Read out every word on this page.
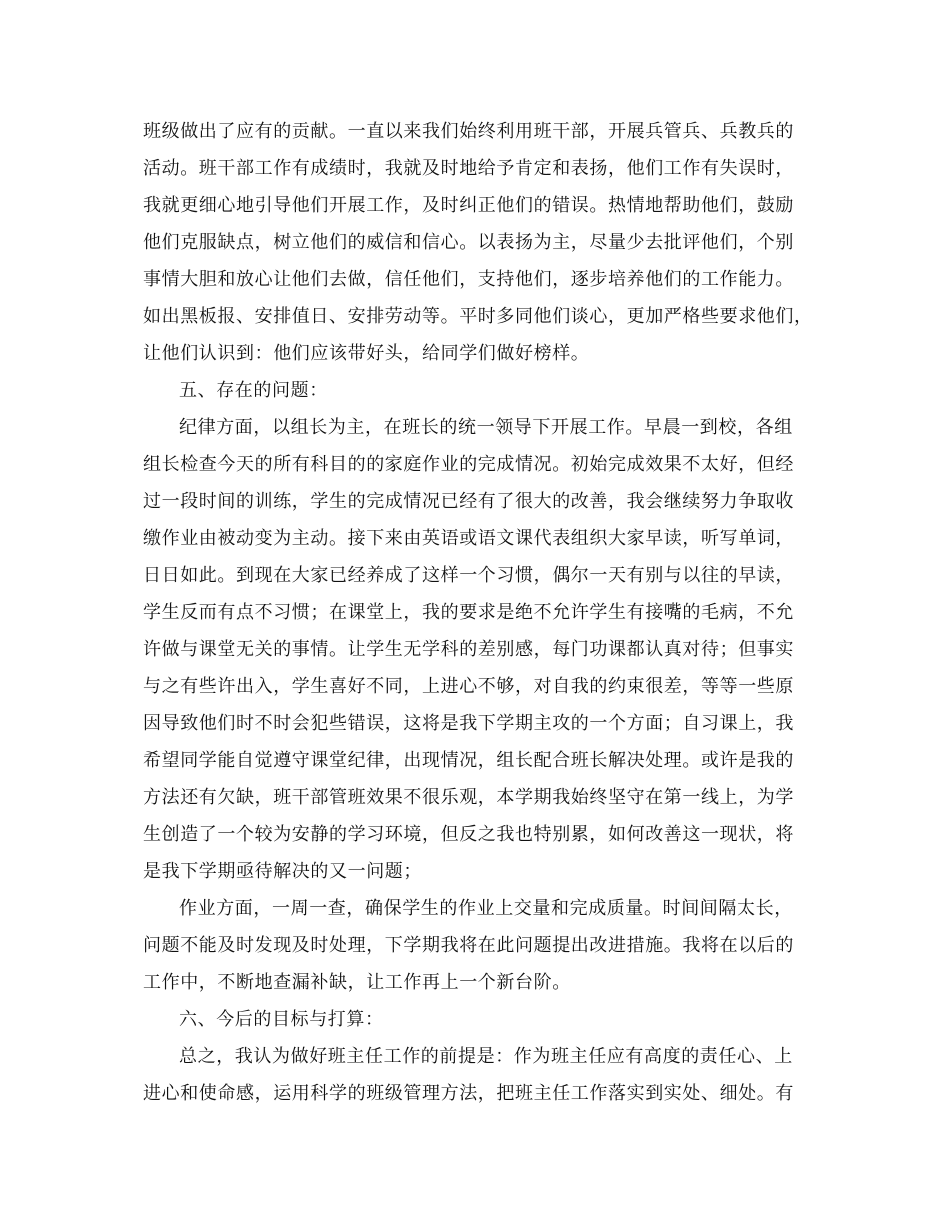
班级做出了应有的贡献。一直以来我们始终利用班干部，开展兵管兵、兵教兵的

活动。班干部工作有成绩时，我就及时地给予肯定和表扬，他们工作有失误时，

我就更细心地引导他们开展工作，及时纠正他们的错误。热情地帮助他们，鼓励

他们克服缺点，树立他们的威信和信心。以表扬为主，尽量少去批评他们，个别

事情大胆和放心让他们去做，信任他们，支持他们，逐步培养他们的工作能力。

如出黑板报、安排值日、安排劳动等。平时多同他们谈心，更加严格些要求他们，

让他们认识到：他们应该带好头，给同学们做好榜样。

五、存在的问题：

纪律方面，以组长为主，在班长的统一领导下开展工作。早晨一到校，各组

组长检查今天的所有科目的的家庭作业的完成情况。初始完成效果不太好，但经

过一段时间的训练，学生的完成情况已经有了很大的改善，我会继续努力争取收

缴作业由被动变为主动。接下来由英语或语文课代表组织大家早读，听写单词，

日日如此。到现在大家已经养成了这样一个习惯，偶尔一天有别与以往的早读，

学生反而有点不习惯；在课堂上，我的要求是绝不允许学生有接嘴的毛病，不允

许做与课堂无关的事情。让学生无学科的差别感，每门功课都认真对待；但事实

与之有些许出入，学生喜好不同，上进心不够，对自我的约束很差，等等一些原

因导致他们时不时会犯些错误，这将是我下学期主攻的一个方面；自习课上，我

希望同学能自觉遵守课堂纪律，出现情况，组长配合班长解决处理。或许是我的

方法还有欠缺，班干部管班效果不很乐观，本学期我始终坚守在第一线上，为学

生创造了一个较为安静的学习环境，但反之我也特别累，如何改善这一现状，将

是我下学期亟待解决的又一问题；

作业方面，一周一查，确保学生的作业上交量和完成质量。时间间隔太长，

问题不能及时发现及时处理，下学期我将在此问题提出改进措施。我将在以后的

工作中，不断地查漏补缺，让工作再上一个新台阶。

六、今后的目标与打算：

总之，我认为做好班主任工作的前提是：作为班主任应有高度的责任心、上

进心和使命感，运用科学的班级管理方法，把班主任工作落实到实处、细处。有
